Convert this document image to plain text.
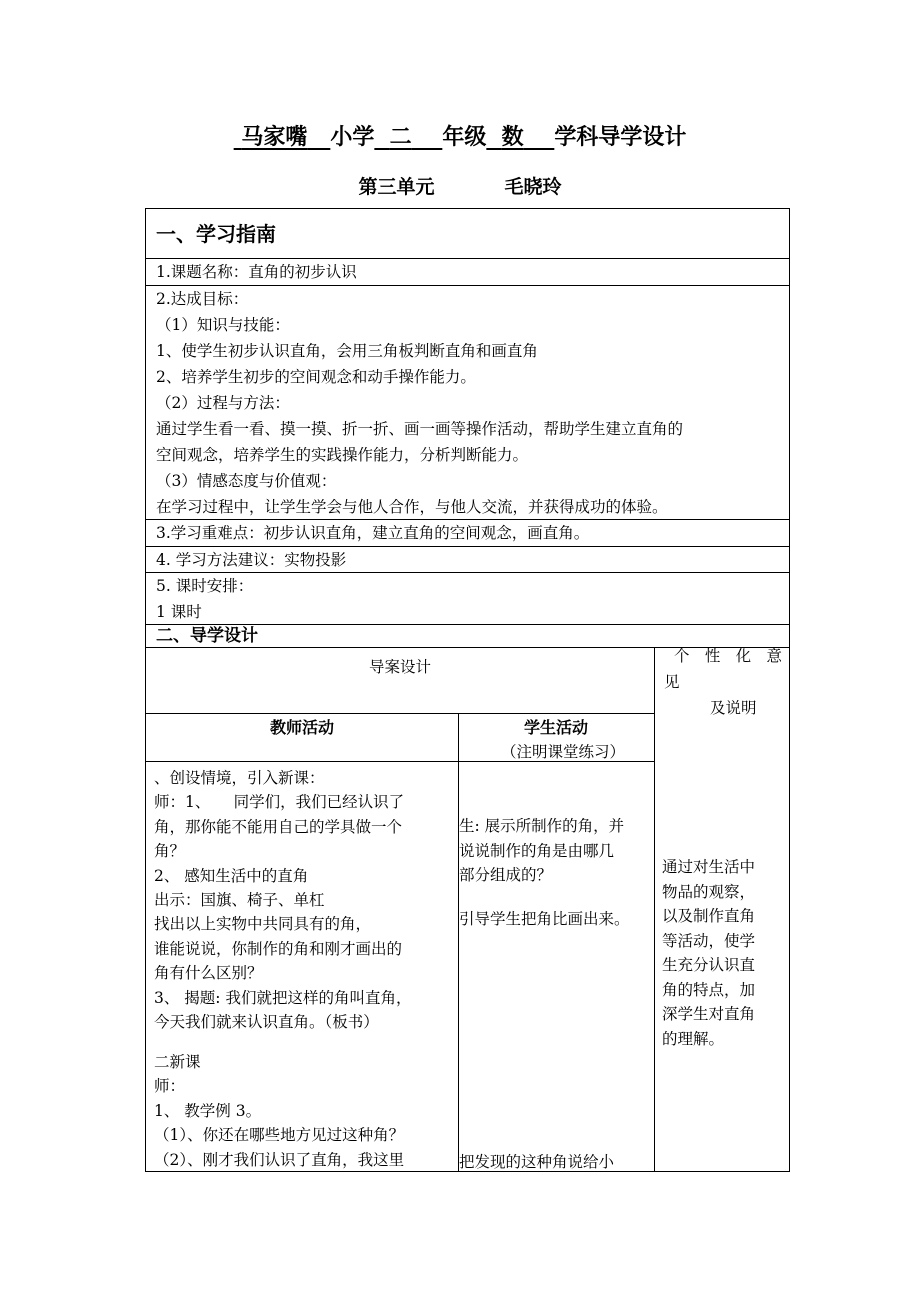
马家嘴 小学 二 年级 数 学科导学设计
第三单元	毛晓玲
一、学习指南
1.课题名称：直角的初步认识
2.达成目标：
（1）知识与技能：
1、使学生初步认识直角，会用三角板判断直角和画直角
2、培养学生初步的空间观念和动手操作能力。
（2）过程与方法：
通过学生看一看、摸一摸、折一折、画一画等操作活动，帮助学生建立直角的
空间观念，培养学生的实践操作能力，分析判断能力。
（3）情感态度与价值观：
在学习过程中，让学生学会与他人合作，与他人交流，并获得成功的体验。
3.学习重难点：初步认识直角，建立直角的空间观念，画直角。
4. 学习方法建议：实物投影
5. 课时安排：
1 课时
二、导学设计
导案设计
个 性 化 意
见
及说明
教师活动	学生活动
（注明课堂练习）
、创设情境，引入新课：
师：1、　　同学们，我们已经认识了
角，那你能不能用自己的学具做一个
角？
2、 感知生活中的直角
出示：国旗、椅子、单杠
找出以上实物中共同具有的角，
谁能说说，你制作的角和刚才画出的
角有什么区别？
3、 揭题: 我们就把这样的角叫直角，
今天我们就来认识直角。（板书）
二新课
师：
1、 教学例 3。
（1）、你还在哪些地方见过这种角？
（2）、刚才我们认识了直角，我这里
生: 展示所制作的角，并
说说制作的角是由哪几
部分组成的？
引导学生把角比画出来。
把发现的这种角说给小
通过对生活中
物品的观察，
以及制作直角
等活动，使学
生充分认识直
角的特点，加
深学生对直角
的理解。
